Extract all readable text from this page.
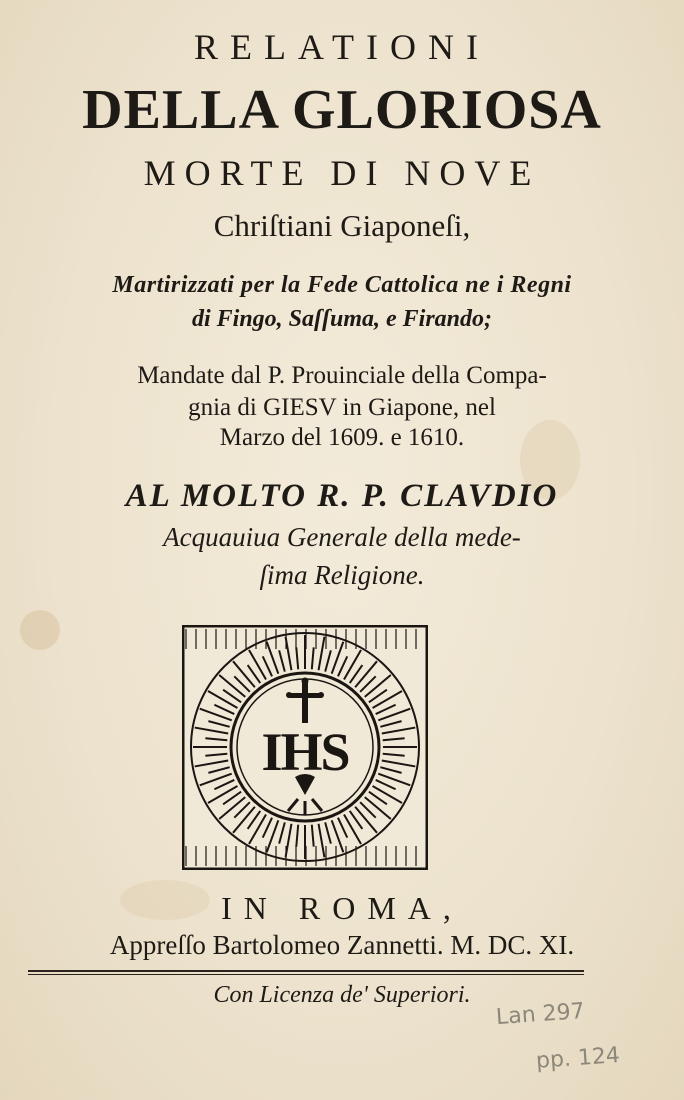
RELATIONI
DELLA GLORIOSA
MORTE DI NOVE
Chriſtiani Giaponeſi,
Martirizzati per la Fede Cattolica ne i Regni
di Fingo, Saſſuma, e Firando;
Mandate dal P. Prouinciale della Compa-
gnia di GIESV in Giapone, nel
Marzo del 1609. e 1610.
AL MOLTO R. P. CLAVDIO
Acquauiua Generale della mede-
ſima Religione.
IHS
IN ROMA,
Appreſſo Bartolomeo Zannetti. M. DC. XI.
Con Licenza de' Superiori.
Lan 297
pp. 124
